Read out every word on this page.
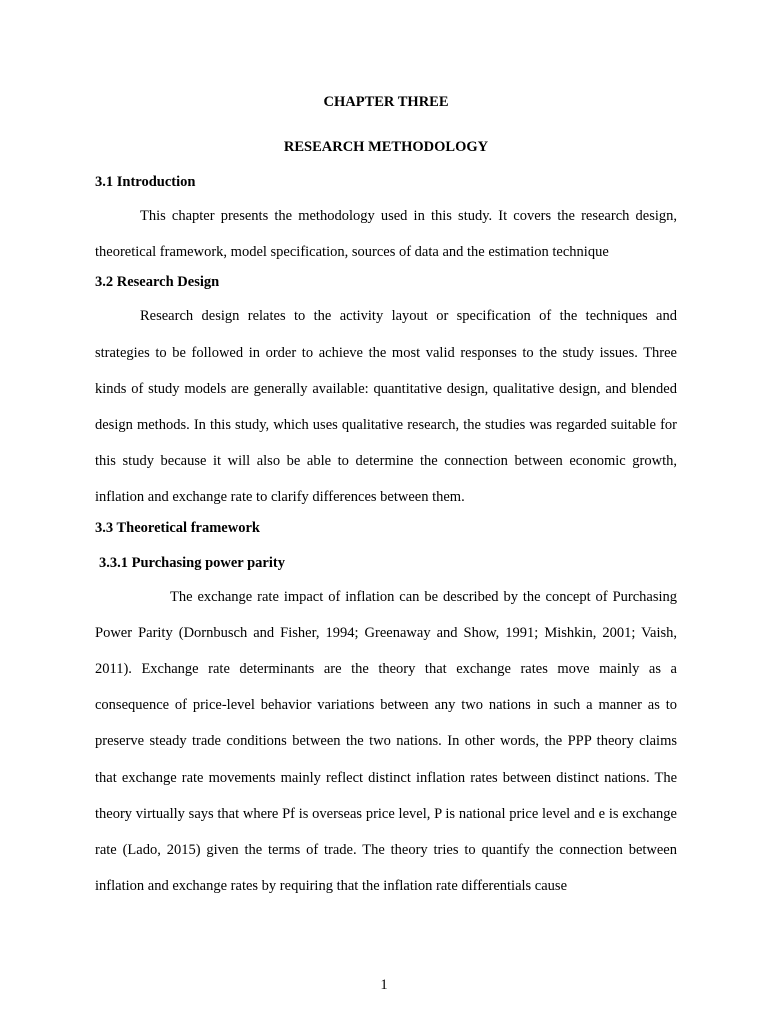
CHAPTER THREE

RESEARCH METHODOLOGY

3.1 Introduction

This chapter presents the methodology used in this study. It covers the research design, theoretical framework, model specification, sources of data and the estimation technique

3.2 Research Design

Research design relates to the activity layout or specification of the techniques and strategies to be followed in order to achieve the most valid responses to the study issues. Three kinds of study models are generally available: quantitative design, qualitative design, and blended design methods. In this study, which uses qualitative research, the studies was regarded suitable for this study because it will also be able to determine the connection between economic growth, inflation and exchange rate to clarify differences between them.

3.3 Theoretical framework

3.3.1 Purchasing power parity

The exchange rate impact of inflation can be described by the concept of Purchasing Power Parity (Dornbusch and Fisher, 1994; Greenaway and Show, 1991; Mishkin, 2001; Vaish, 2011). Exchange rate determinants are the theory that exchange rates move mainly as a consequence of price-level behavior variations between any two nations in such a manner as to preserve steady trade conditions between the two nations. In other words, the PPP theory claims that exchange rate movements mainly reflect distinct inflation rates between distinct nations. The theory virtually says that where Pf is overseas price level, P is national price level and e is exchange rate (Lado, 2015) given the terms of trade. The theory tries to quantify the connection between inflation and exchange rates by requiring that the inflation rate differentials cause

1
